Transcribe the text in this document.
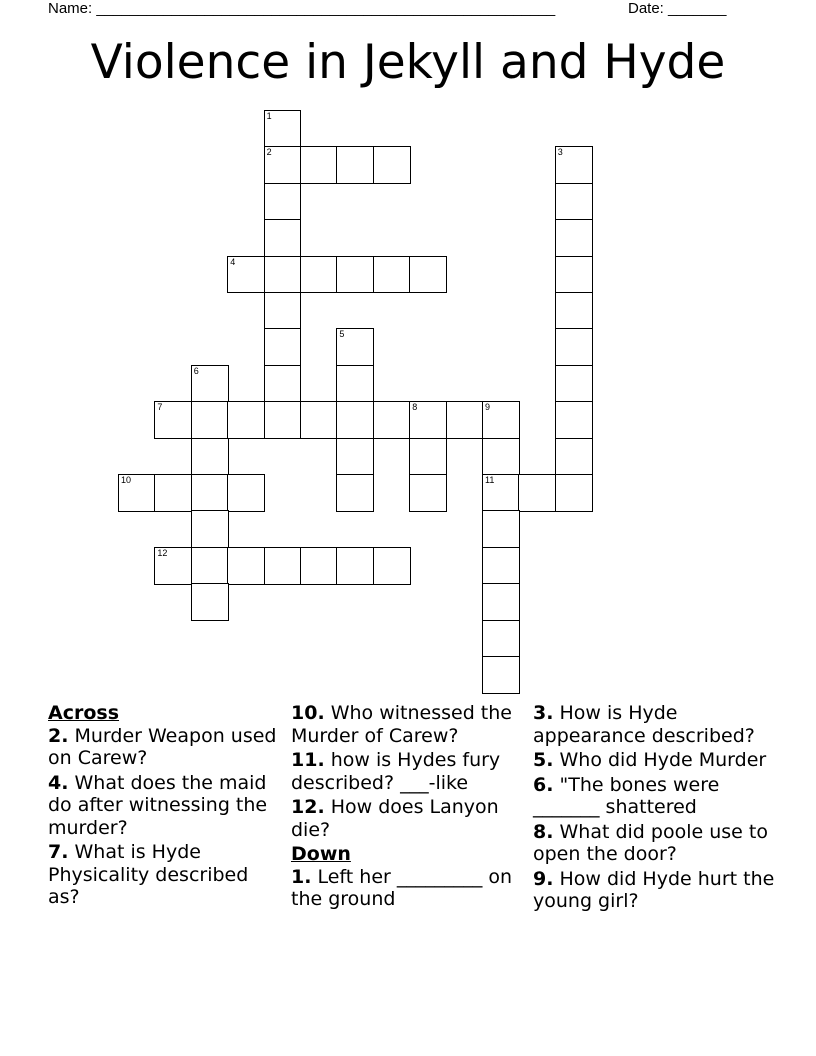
Name: _______________________________________________________	Date: _______
Violence in Jekyll and Hyde
1
2	3
4
5
6
7	8	9
10	11
12
Across
2. Murder Weapon used on Carew?
4. What does the maid do after witnessing the murder?
7. What is Hyde Physicality described as?
10. Who witnessed the Murder of Carew?
11. how is Hydes fury described? ___-like
12. How does Lanyon die?
Down
1. Left her _________ on the ground
3. How is Hyde appearance described?
5. Who did Hyde Murder
6. "The bones were _______ shattered
8. What did poole use to open the door?
9. How did Hyde hurt the young girl?
